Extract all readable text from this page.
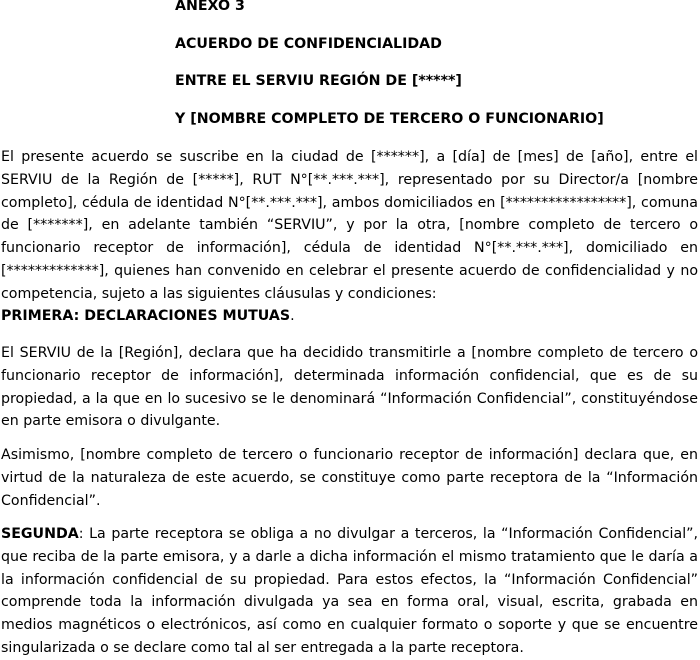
ANEXO 3

ACUERDO DE CONFIDENCIALIDAD

ENTRE EL SERVIU REGIÓN DE [*****]

Y [NOMBRE COMPLETO DE TERCERO O FUNCIONARIO]

El presente acuerdo se suscribe en la ciudad de [******], a [día] de [mes] de [año], entre el SERVIU de la Región de [*****], RUT N°[**.***.***], representado por su Director/a [nombre completo], cédula de identidad N°[**.***.***], ambos domiciliados en [*****************], comuna de [*******], en adelante también “SERVIU”, y por la otra, [nombre completo de tercero o funcionario receptor de información], cédula de identidad N°[**.***.***], domiciliado en [*************], quienes han convenido en celebrar el presente acuerdo de confidencialidad y no competencia, sujeto a las siguientes cláusulas y condiciones:

PRIMERA: DECLARACIONES MUTUAS.

El SERVIU de la [Región], declara que ha decidido transmitirle a [nombre completo de tercero o funcionario receptor de información], determinada información confidencial, que es de su propiedad, a la que en lo sucesivo se le denominará “Información Confidencial”, constituyéndose en parte emisora o divulgante.

Asimismo, [nombre completo de tercero o funcionario receptor de información] declara que, en virtud de la naturaleza de este acuerdo, se constituye como parte receptora de la “Información Confidencial”.

SEGUNDA: La parte receptora se obliga a no divulgar a terceros, la “Información Confidencial”, que reciba de la parte emisora, y a darle a dicha información el mismo tratamiento que le daría a la información confidencial de su propiedad. Para estos efectos, la “Información Confidencial” comprende toda la información divulgada ya sea en forma oral, visual, escrita, grabada en medios magnéticos o electrónicos, así como en cualquier formato o soporte y que se encuentre singularizada o se declare como tal al ser entregada a la parte receptora.
